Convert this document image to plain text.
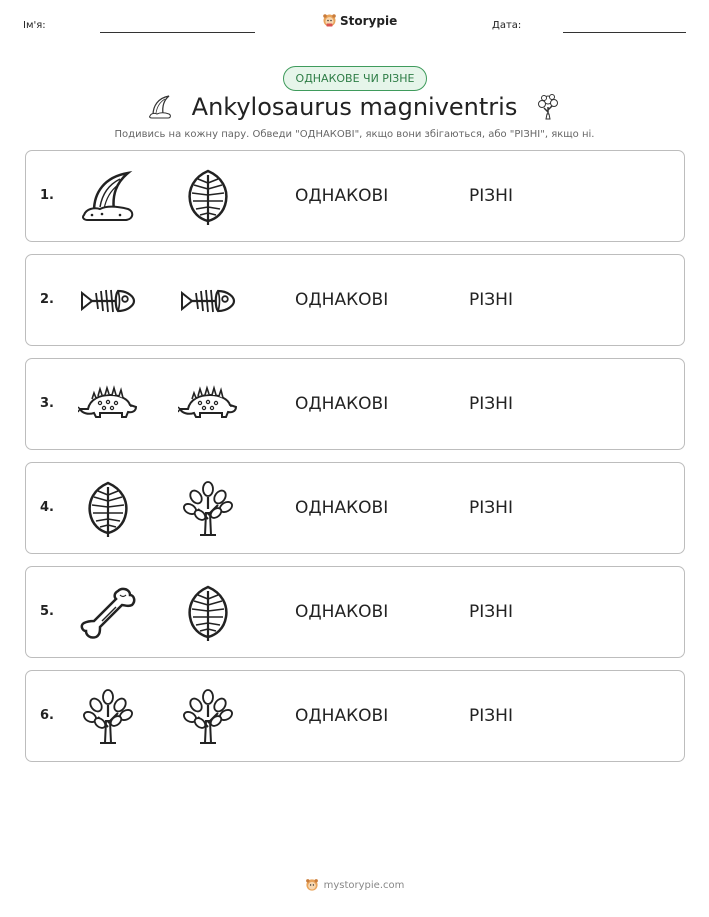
Ім'я:	Storypie	Дата:
ОДНАКОВЕ ЧИ РІЗНЕ
Ankylosaurus magniventris
Подивись на кожну пару. Обведи "ОДНАКОВІ", якщо вони збігаються, або "РІЗНІ", якщо ні.
1.	ОДНАКОВІ	РІЗНІ
2.	ОДНАКОВІ	РІЗНІ
3.	ОДНАКОВІ	РІЗНІ
4.	ОДНАКОВІ	РІЗНІ
5.	ОДНАКОВІ	РІЗНІ
6.	ОДНАКОВІ	РІЗНІ
mystorypie.com
